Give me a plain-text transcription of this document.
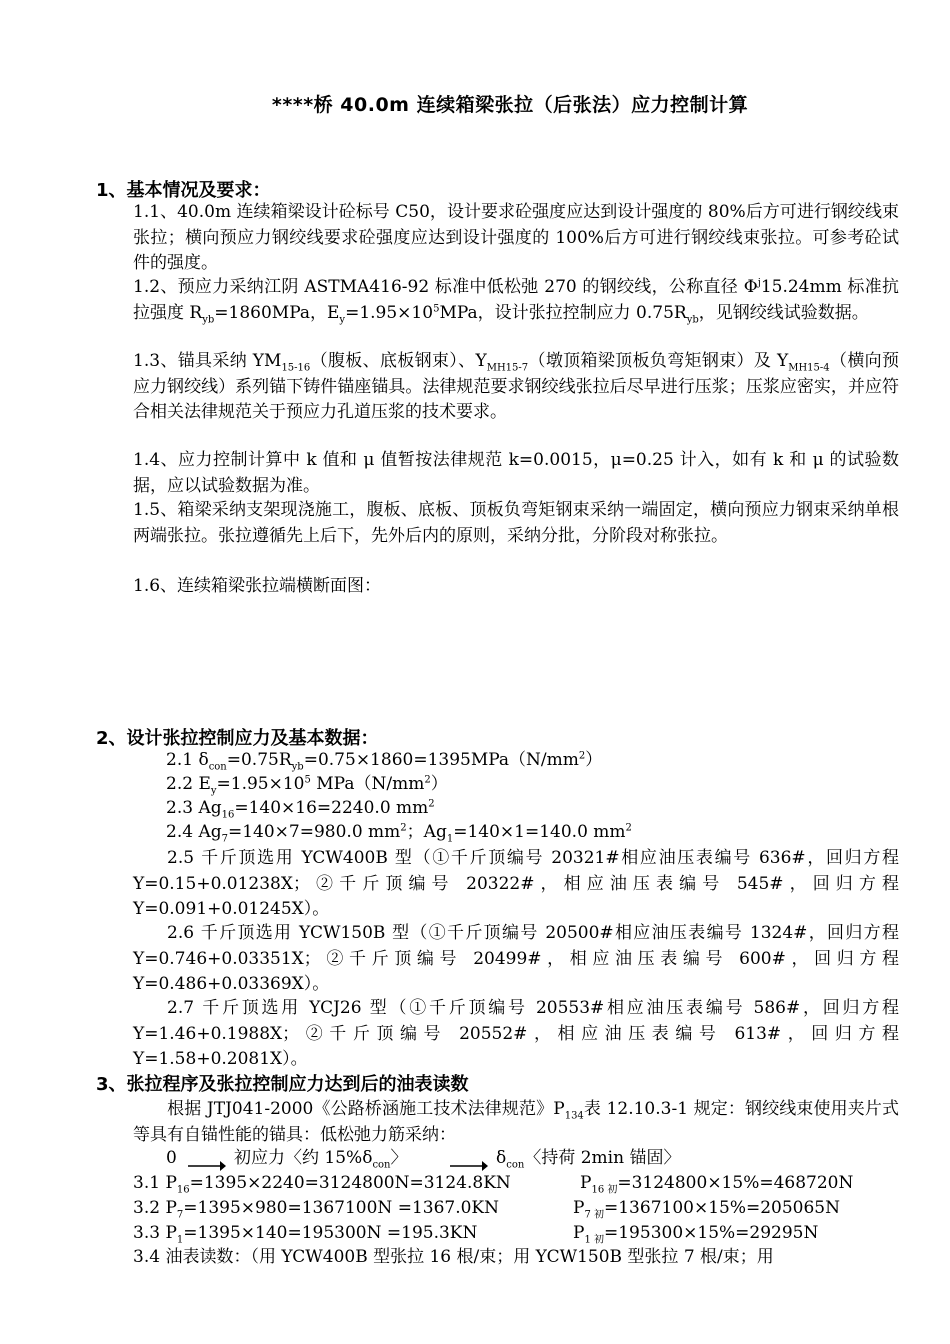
****桥 40.0m 连续箱梁张拉（后张法）应力控制计算
1、基本情况及要求：
1.1、40.0m 连续箱梁设计砼标号 C50，设计要求砼强度应达到设计强度的 80%后方可进行钢绞线束张拉；横向预应力钢绞线要求砼强度应达到设计强度的 100%后方可进行钢绞线束张拉。可参考砼试件的强度。
1.2、预应力采纳江阴 ASTMA416-92 标准中低松弛 270 的钢绞线，公称直径 $\Phi^j15.24mm$ 标准抗拉强度 $R_{yb}=1860MPa$，$E_y=1.95\times 10^5MPa$，设计张拉控制应力 $0.75R_{yb}$，见钢绞线试验数据。
1.3、锚具采纳 $YM_{15-16}$（腹板、底板钢束）、$Y_{MH15-7}$（墩顶箱梁顶板负弯矩钢束）及 $Y_{MH15-4}$（横向预应力钢绞线）系列锚下铸件锚座锚具。法律规范要求钢绞线张拉后尽早进行压浆；压浆应密实，并应符合相关法律规范关于预应力孔道压浆的技术要求。
1.4、应力控制计算中 k 值和 μ 值暂按法律规范 k=0.0015，μ=0.25 计入，如有 k 和 μ 的试验数据，应以试验数据为准。
1.5、箱梁采纳支架现浇施工，腹板、底板、顶板负弯矩钢束采纳一端固定，横向预应力钢束采纳单根两端张拉。张拉遵循先上后下，先外后内的原则，采纳分批，分阶段对称张拉。
1.6、连续箱梁张拉端横断面图：
2、设计张拉控制应力及基本数据：
2.1 $\delta_{con}=0.75R_{yb}=0.75\times 1860=1395MPa(N/mm^2)$
2.2 $E_y=1.95\times 10^5$ $MPa(N/mm^2)$
2.3 $Ag_{16}=140\times 16=2240.0$ $mm^2$
2.4 $Ag_7=140\times 7=980.0$ $mm^2$；$Ag_1=140\times 1=140.0$ $mm^2$
2.5 千斤顶选用 YCW400B 型（①千斤顶编号 20321#相应油压表编号 636#，回归方程 Y=0.15+0.01238X；②千斤顶编号 20322#，相应油压表编号 545#，回归方程 Y=0.091+0.01245X）。
2.6 千斤顶选用 YCW150B 型（①千斤顶编号 20500#相应油压表编号 1324#，回归方程 Y=0.746+0.03351X；②千斤顶编号 20499#，相应油压表编号 600#，回归方程 Y=0.486+0.03369X）。
2.7 千斤顶选用 YCJ26 型（①千斤顶编号 20553#相应油压表编号 586#，回归方程 Y=1.46+0.1988X；②千斤顶编号 20552#，相应油压表编号 613#，回归方程 Y=1.58+0.2081X）。
3、张拉程序及张拉控制应力达到后的油表读数
根据 JTJ041-2000《公路桥涵施工技术法律规范》$P_{134}$表 12.10.3-1 规定：钢绞线束使用夹片式等具有自锚性能的锚具：低松弛力筋采纳：
0	初应力〈约 $15\%\delta_{con}$〉	$\delta_{con}$〈持荷 2min 锚固〉
3.1 $P_{16}=1395\times 2240=3124800N=3124.8KN$	$P_{16 初}=3124800\times 15\%=468720N$
3.2 $P_7=1395\times 980=1367100N =1367.0KN$	$P_{7 初}=1367100\times 15\%=205065N$
3.3 $P_1=1395\times 140=195300N =195.3KN$	$P_{1 初}=195300\times 15\%=29295N$
3.4 油表读数：（用 YCW400B 型张拉 16 根/束；用 YCW150B 型张拉 7 根/束；用
